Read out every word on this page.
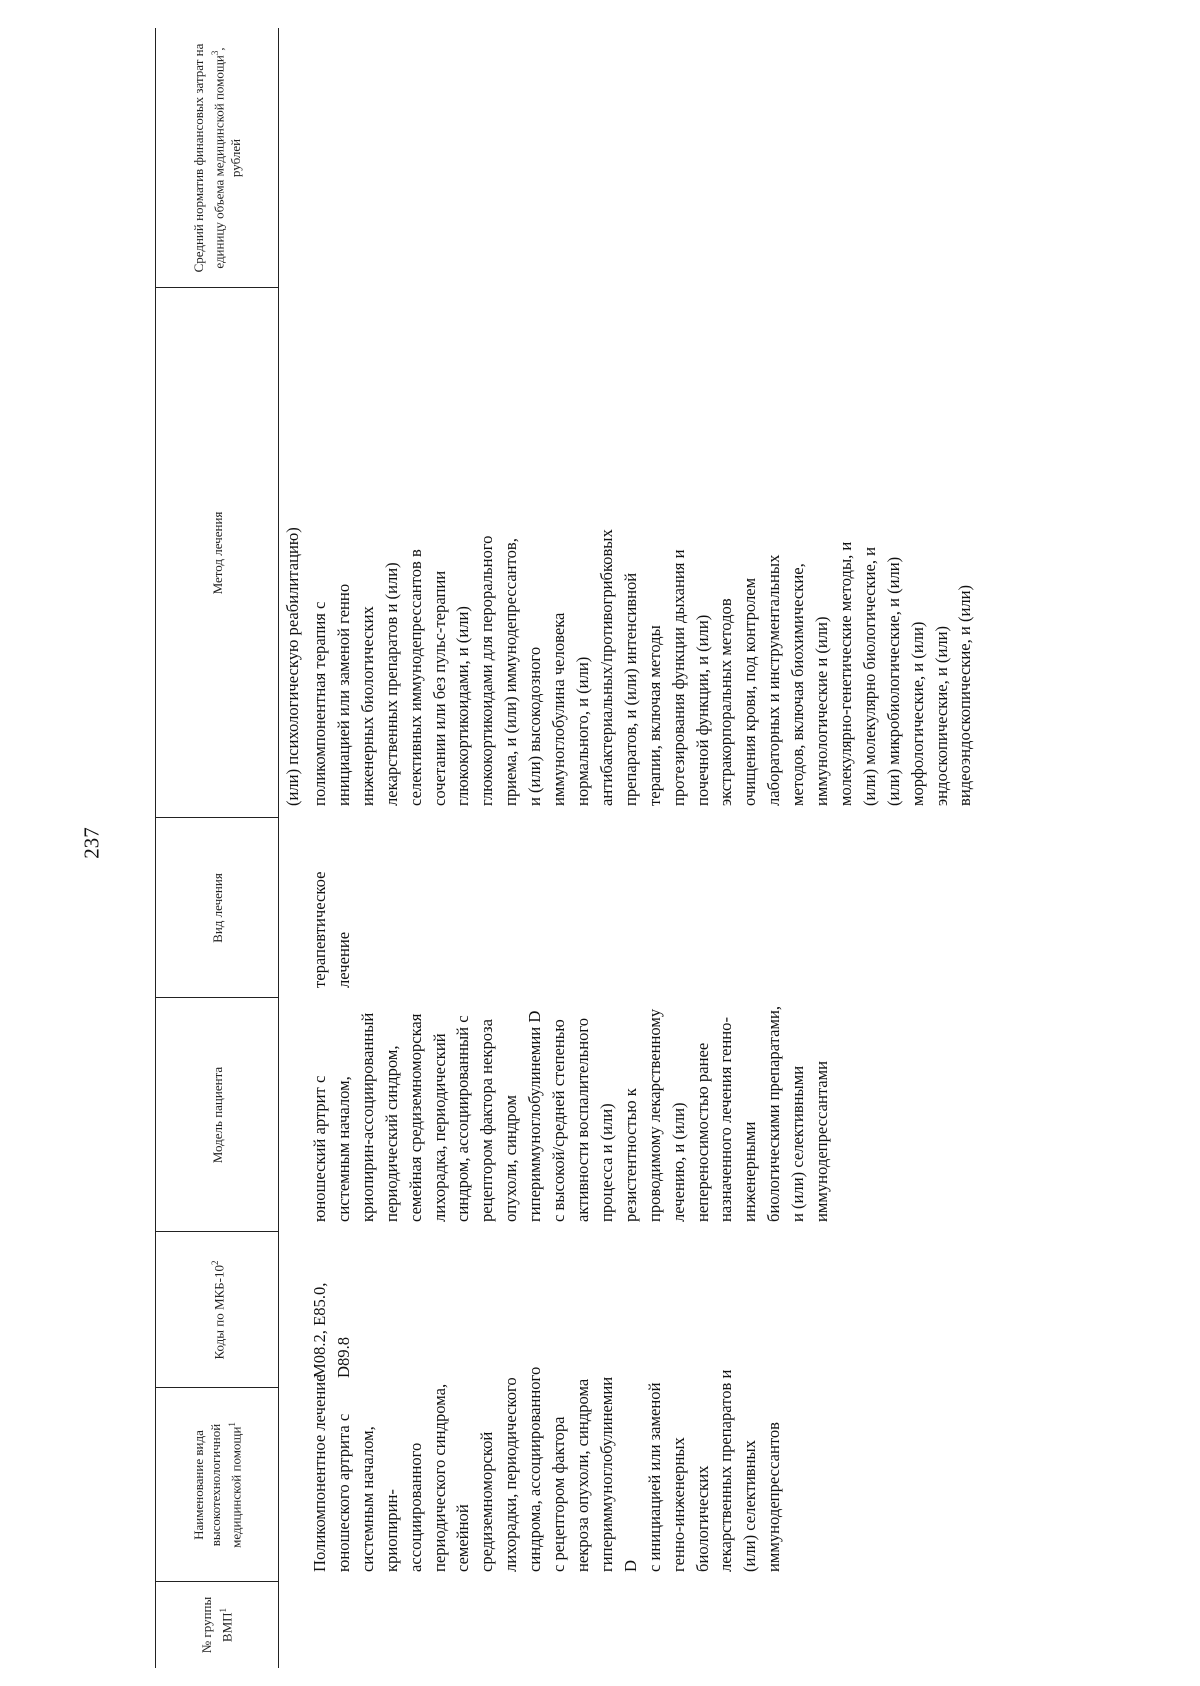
237
№ группы ВМП$^1$
Наименование вида высокотехнологичной медицинской помощи$^1$
Коды по МКБ-10$^2$
Модель пациента
Вид лечения
Метод лечения
Средний норматив финансовых затрат на единицу объема медицинской помощи$^3$, рублей
(или) психологическую реабилитацию)
Поликомпонентное лечение юношеского артрита с системным началом, криопирин- ассоциированного периодического синдрома, семейной средиземноморской лихорадки, периодического синдрома, ассоциированного с рецептором фактора некроза опухоли, синдрома гипериммуноглобулинемии D с инициацией или заменой генно-инженерных биологических лекарственных препаратов и (или) селективных иммунодепрессантов
M08.2, E85.0, D89.8
юношеский артрит с системным началом, криопирин-ассоциированный периодический синдром, семейная средиземноморская лихорадка, периодический синдром, ассоциированный с рецептором фактора некроза опухоли, синдром гипериммуноглобулинемии D с высокой/средней степенью активности воспалительного процесса и (или) резистентностью к проводимому лекарственному лечению, и (или) непереносимостью ранее назначенного лечения генно- инженерными биологическими препаратами, и (или) селективными иммунодепрессантами
терапевтическое лечение
поликомпонентная терапия с инициацией или заменой генно инженерных биологических лекарственных препаратов и (или) селективных иммунодепрессантов в сочетании или без пульс-терапии глюкокортикоидами, и (или) глюкокортикоидами для перорального приема, и (или) иммунодепрессантов, и (или) высокодозного иммуноглобулина человека нормального, и (или) антибактериальных/противогрибковых препаратов, и (или) интенсивной терапии, включая методы протезирования функции дыхания и почечной функции, и (или) экстракорпоральных методов очищения крови, под контролем лабораторных и инструментальных методов, включая биохимические, иммунологические и (или) молекулярно-генетические методы, и (или) молекулярно биологические, и (или) микробиологические, и (или) морфологические, и (или) эндоскопические, и (или) видеоэндоскопические, и (или)
